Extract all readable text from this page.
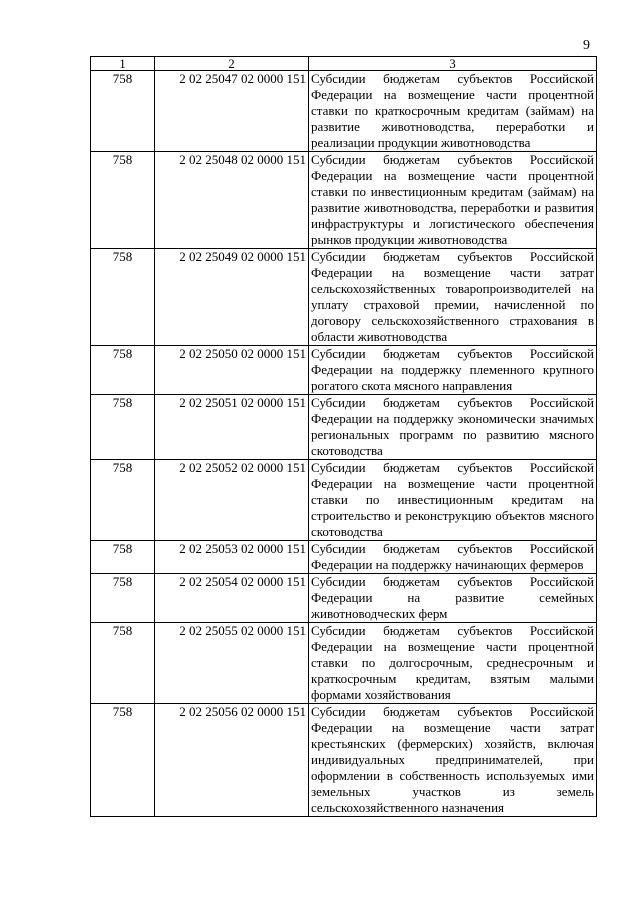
9
1	2	3
758	2 02 25047 02 0000 151	Субсидии бюджетам субъектов Российской Федерации на возмещение части процентной ставки по краткосрочным кредитам (займам) на развитие животноводства, переработки и реализации продукции животноводства
758	2 02 25048 02 0000 151	Субсидии бюджетам субъектов Российской Федерации на возмещение части процентной ставки по инвестиционным кредитам (займам) на развитие животноводства, переработки и развития инфраструктуры и логистического обеспечения рынков продукции животноводства
758	2 02 25049 02 0000 151	Субсидии бюджетам субъектов Российской Федерации на возмещение части затрат сельскохозяйственных товаропроизводителей на уплату страховой премии, начисленной по договору сельскохозяйственного страхования в области животноводства
758	2 02 25050 02 0000 151	Субсидии бюджетам субъектов Российской Федерации на поддержку племенного крупного рогатого скота мясного направления
758	2 02 25051 02 0000 151	Субсидии бюджетам субъектов Российской Федерации на поддержку экономически значимых региональных программ по развитию мясного скотоводства
758	2 02 25052 02 0000 151	Субсидии бюджетам субъектов Российской Федерации на возмещение части процентной ставки по инвестиционным кредитам на строительство и реконструкцию объектов мясного скотоводства
758	2 02 25053 02 0000 151	Субсидии бюджетам субъектов Российской Федерации на поддержку начинающих фермеров
758	2 02 25054 02 0000 151	Субсидии бюджетам субъектов Российской Федерации на развитие семейных животноводческих ферм
758	2 02 25055 02 0000 151	Субсидии бюджетам субъектов Российской Федерации на возмещение части процентной ставки по долгосрочным, среднесрочным и краткосрочным кредитам, взятым малыми формами хозяйствования
758	2 02 25056 02 0000 151	Субсидии бюджетам субъектов Российской Федерации на возмещение части затрат крестьянских (фермерских) хозяйств, включая индивидуальных предпринимателей, при оформлении в собственность используемых ими земельных участков из земель сельскохозяйственного назначения
